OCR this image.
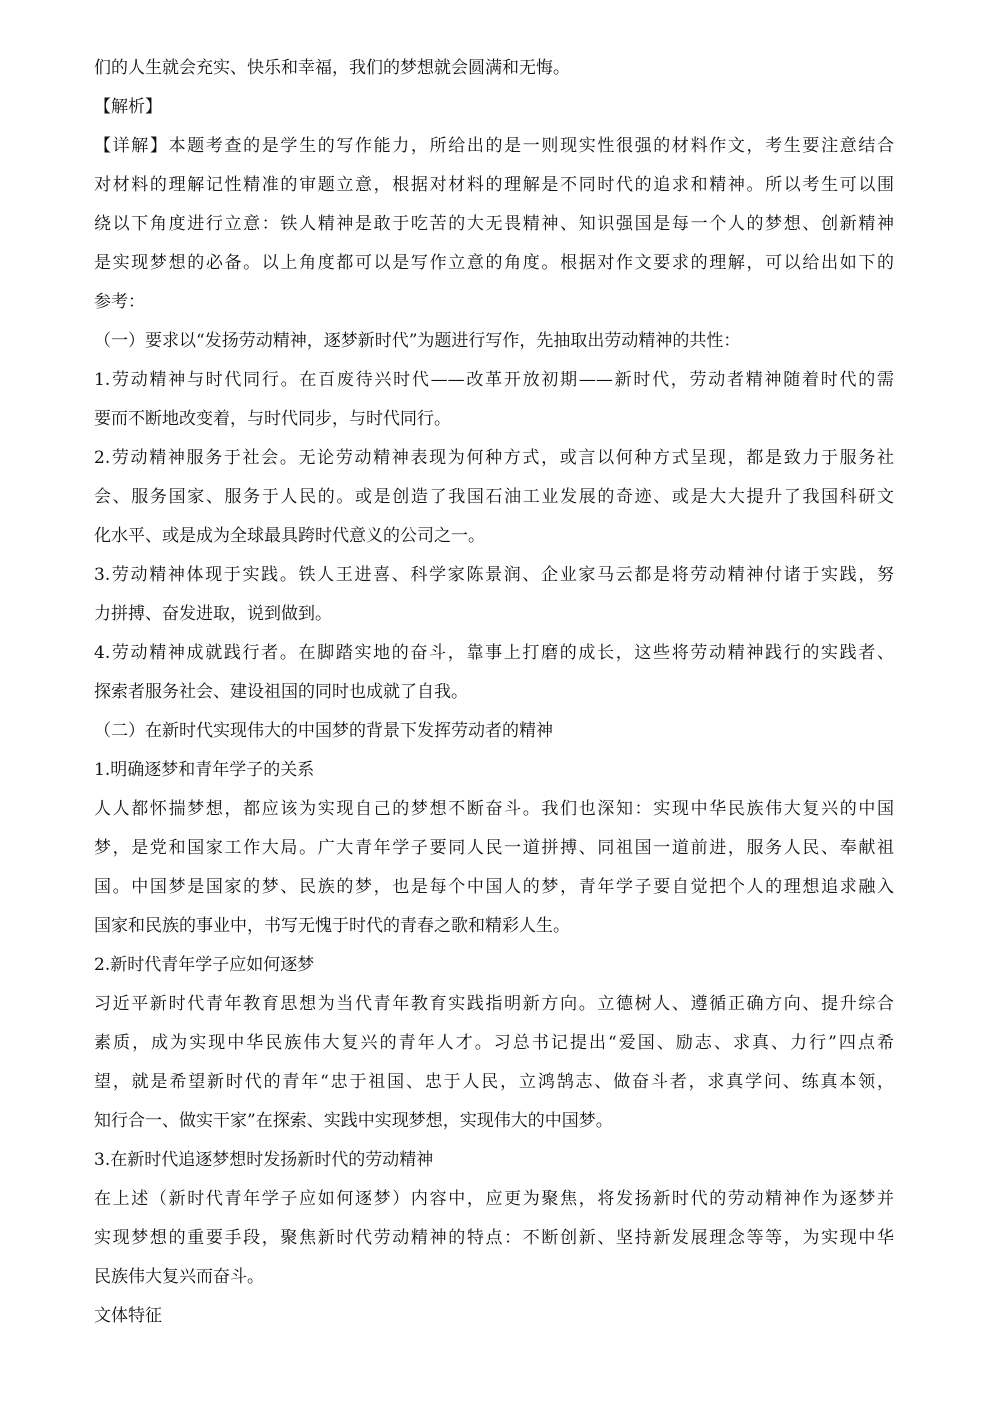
们的人生就会充实、快乐和幸福，我们的梦想就会圆满和无悔。

【解析】

【详解】本题考查的是学生的写作能力，所给出的是一则现实性很强的材料作文，考生要注意结合

对材料的理解记性精准的审题立意，根据对材料的理解是不同时代的追求和精神。所以考生可以围

绕以下角度进行立意：铁人精神是敢于吃苦的大无畏精神、知识强国是每一个人的梦想、创新精神

是实现梦想的必备。以上角度都可以是写作立意的角度。根据对作文要求的理解，可以给出如下的

参考：

（一）要求以“发扬劳动精神，逐梦新时代”为题进行写作，先抽取出劳动精神的共性：

1.劳动精神与时代同行。在百废待兴时代——改革开放初期——新时代，劳动者精神随着时代的需

要而不断地改变着，与时代同步，与时代同行。

2.劳动精神服务于社会。无论劳动精神表现为何种方式，或言以何种方式呈现，都是致力于服务社

会、服务国家、服务于人民的。或是创造了我国石油工业发展的奇迹、或是大大提升了我国科研文

化水平、或是成为全球最具跨时代意义的公司之一。

3.劳动精神体现于实践。铁人王进喜、科学家陈景润、企业家马云都是将劳动精神付诸于实践，努

力拼搏、奋发进取，说到做到。

4.劳动精神成就践行者。在脚踏实地的奋斗，靠事上打磨的成长，这些将劳动精神践行的实践者、

探索者服务社会、建设祖国的同时也成就了自我。

（二）在新时代实现伟大的中国梦的背景下发挥劳动者的精神

1.明确逐梦和青年学子的关系

人人都怀揣梦想，都应该为实现自己的梦想不断奋斗。我们也深知：实现中华民族伟大复兴的中国

梦，是党和国家工作大局。广大青年学子要同人民一道拼搏、同祖国一道前进，服务人民、奉献祖

国。中国梦是国家的梦、民族的梦，也是每个中国人的梦，青年学子要自觉把个人的理想追求融入

国家和民族的事业中，书写无愧于时代的青春之歌和精彩人生。

2.新时代青年学子应如何逐梦

习近平新时代青年教育思想为当代青年教育实践指明新方向。立德树人、遵循正确方向、提升综合

素质，成为实现中华民族伟大复兴的青年人才。习总书记提出“爱国、励志、求真、力行”四点希

望，就是希望新时代的青年“忠于祖国、忠于人民，立鸿鹄志、做奋斗者，求真学问、练真本领，

知行合一、做实干家”在探索、实践中实现梦想，实现伟大的中国梦。

3.在新时代追逐梦想时发扬新时代的劳动精神

在上述（新时代青年学子应如何逐梦）内容中，应更为聚焦，将发扬新时代的劳动精神作为逐梦并

实现梦想的重要手段，聚焦新时代劳动精神的特点：不断创新、坚持新发展理念等等，为实现中华

民族伟大复兴而奋斗。

文体特征
